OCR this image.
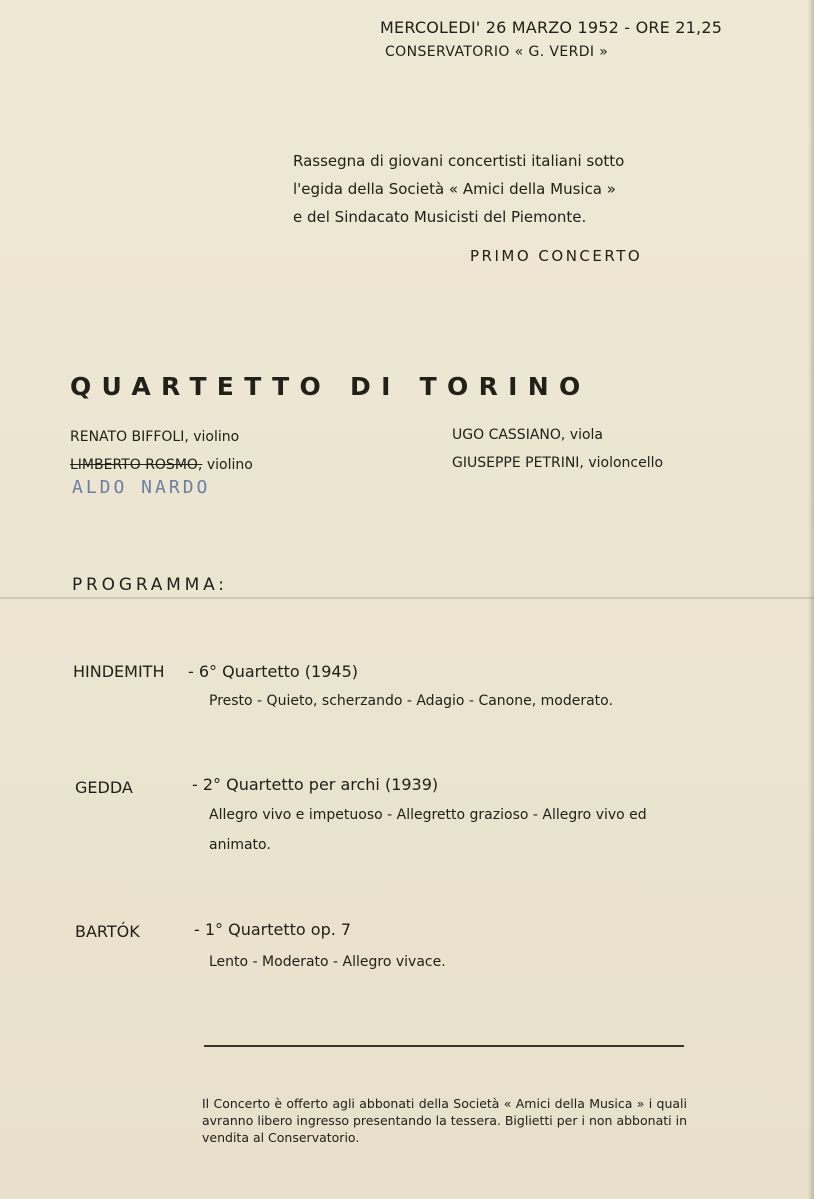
MERCOLEDI' 26 MARZO 1952 - ORE 21,25
CONSERVATORIO « G. VERDI »
Rassegna di giovani concertisti italiani sotto
l'egida della Società « Amici della Musica »
e del Sindacato Musicisti del Piemonte.
PRIMO CONCERTO
QUARTETTO DI TORINO
RENATO BIFFOLI, violino
LIMBERTO ROSMO, violino
UGO CASSIANO, viola
GIUSEPPE PETRINI, violoncello
ALDO NARDO
PROGRAMMA:
HINDEMITH - 6° Quartetto (1945)
Presto - Quieto, scherzando - Adagio - Canone, moderato.
GEDDA	- 2° Quartetto per archi (1939)
Allegro vivo e impetuoso - Allegretto grazioso - Allegro vivo ed animato.
BARTÓK	- 1° Quartetto op. 7
Lento - Moderato - Allegro vivace.
Il Concerto è offerto agli abbonati della Società « Amici della Musica » i quali avranno libero ingresso presentando la tessera. Biglietti per i non abbonati in vendita al Conservatorio.
